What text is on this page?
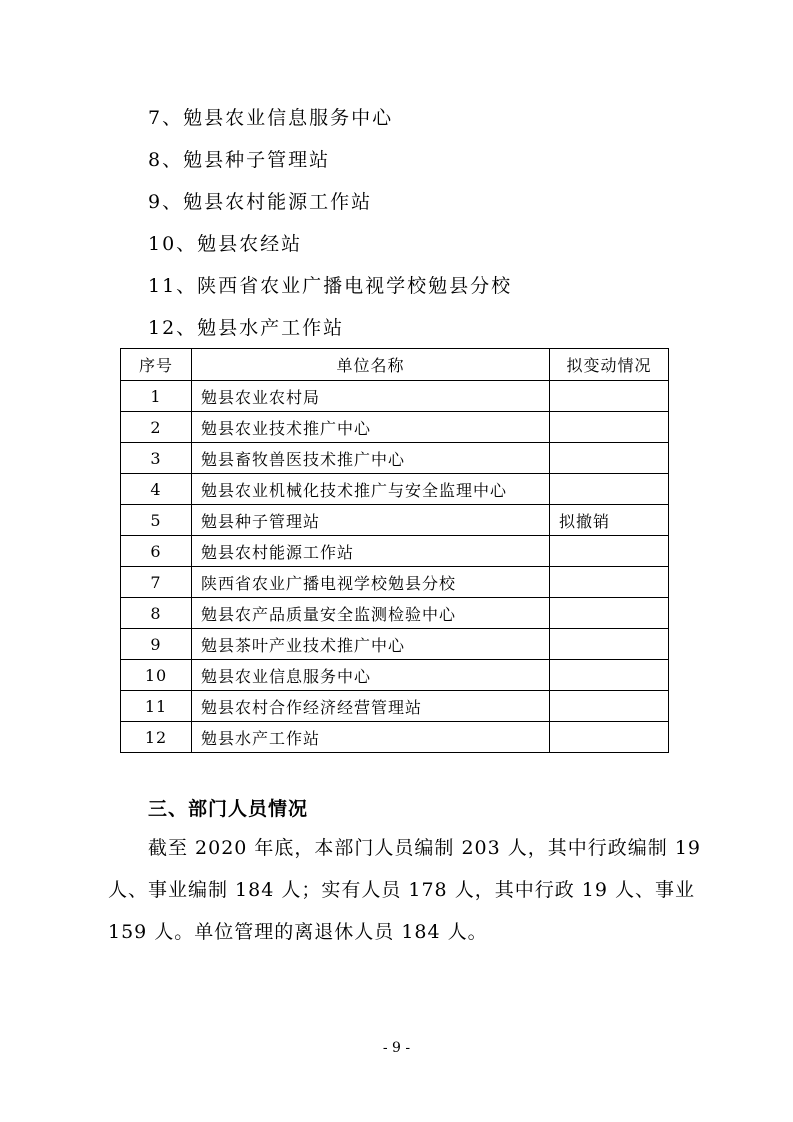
7、勉县农业信息服务中心
8、勉县种子管理站
9、勉县农村能源工作站
10、勉县农经站
11、陕西省农业广播电视学校勉县分校
12、勉县水产工作站
序号	单位名称	拟变动情况
1	勉县农业农村局	
2	勉县农业技术推广中心	
3	勉县畜牧兽医技术推广中心	
4	勉县农业机械化技术推广与安全监理中心	
5	勉县种子管理站	拟撤销
6	勉县农村能源工作站	
7	陕西省农业广播电视学校勉县分校	
8	勉县农产品质量安全监测检验中心	
9	勉县茶叶产业技术推广中心	
10	勉县农业信息服务中心	
11	勉县农村合作经济经营管理站	
12	勉县水产工作站	
三、部门人员情况
截至 2020 年底，本部门人员编制 203 人，其中行政编制 19
人、事业编制 184 人；实有人员 178 人，其中行政 19 人、事业
159 人。单位管理的离退休人员 184 人。
- 9 -
